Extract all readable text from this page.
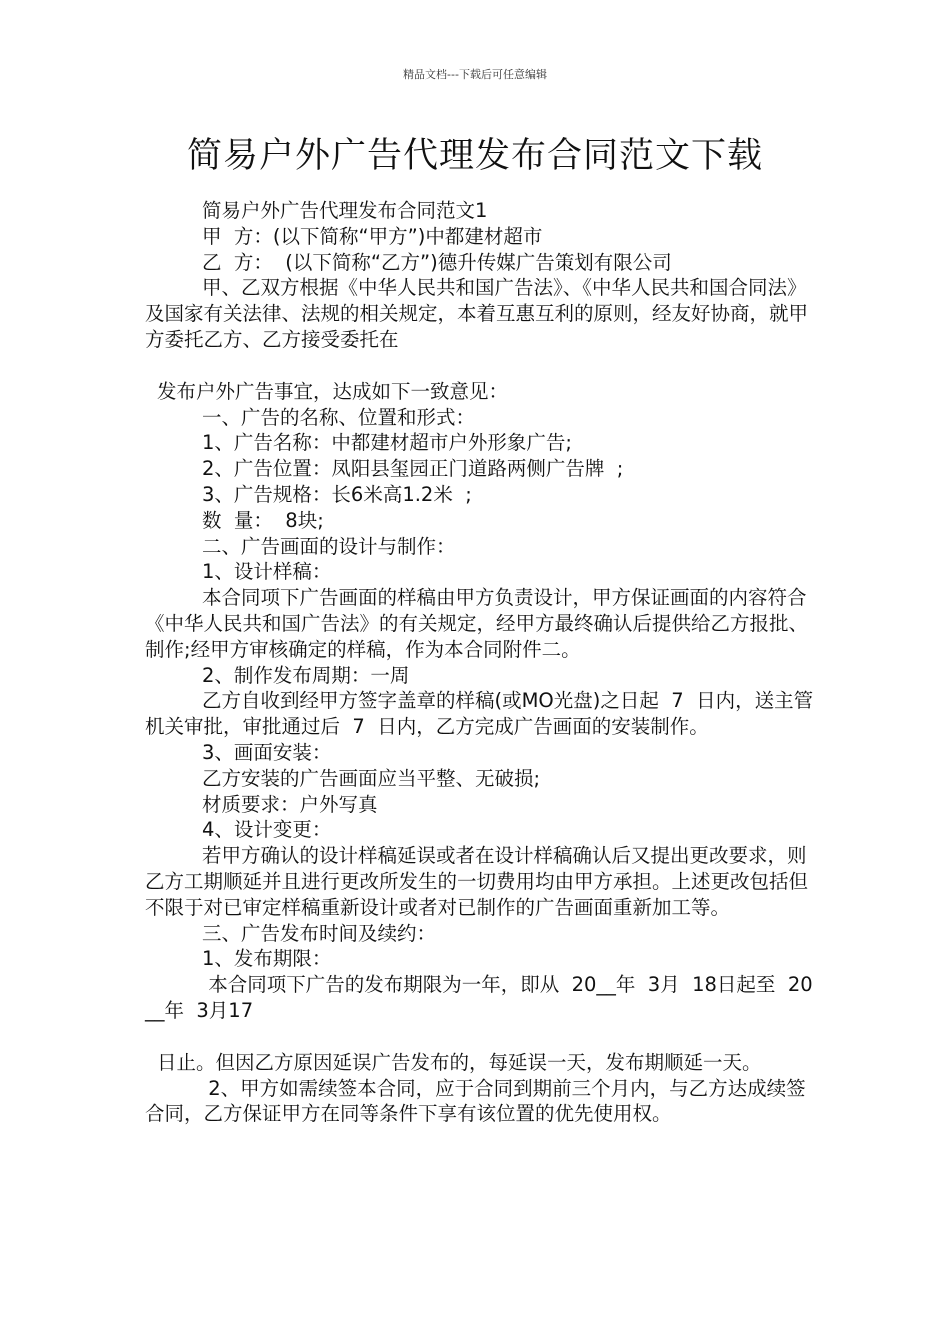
精品文档---下载后可任意编辑
简易户外广告代理发布合同范文下载

简易户外广告代理发布合同范文1

甲  方：(以下简称“甲方”)中都建材超市

乙  方：  (以下简称“乙方”)德升传媒广告策划有限公司

甲、乙双方根据《中华人民共和国广告法》、《中华人民共和国合同法》及国家有关法律、法规的相关规定，本着互惠互利的原则，经友好协商，就甲方委托乙方、乙方接受委托在

发布户外广告事宜，达成如下一致意见：

一、广告的名称、位置和形式：

1、广告名称：中都建材超市户外形象广告;

2、广告位置：凤阳县玺园正门道路两侧广告牌  ;

3、广告规格：长6米高1.2米  ;

数  量：  8块;

二、广告画面的设计与制作：

1、设计样稿：

本合同项下广告画面的样稿由甲方负责设计，甲方保证画面的内容符合《中华人民共和国广告法》的有关规定，经甲方最终确认后提供给乙方报批、制作;经甲方审核确定的样稿，作为本合同附件二。

2、制作发布周期：一周

乙方自收到经甲方签字盖章的样稿(或MO光盘)之日起  7  日内，送主管机关审批，审批通过后  7  日内，乙方完成广告画面的安装制作。

3、画面安装：

乙方安装的广告画面应当平整、无破损;

材质要求：户外写真

4、设计变更：

若甲方确认的设计样稿延误或者在设计样稿确认后又提出更改要求，则乙方工期顺延并且进行更改所发生的一切费用均由甲方承担。上述更改包括但不限于对已审定样稿重新设计或者对已制作的广告画面重新加工等。

三、广告发布时间及续约：

1、发布期限：

本合同项下广告的发布期限为一年，即从  20__年  3月  18日起至  20__年  3月17

日止。但因乙方原因延误广告发布的，每延误一天，发布期顺延一天。

2、甲方如需续签本合同，应于合同到期前三个月内，与乙方达成续签合同，乙方保证甲方在同等条件下享有该位置的优先使用权。
